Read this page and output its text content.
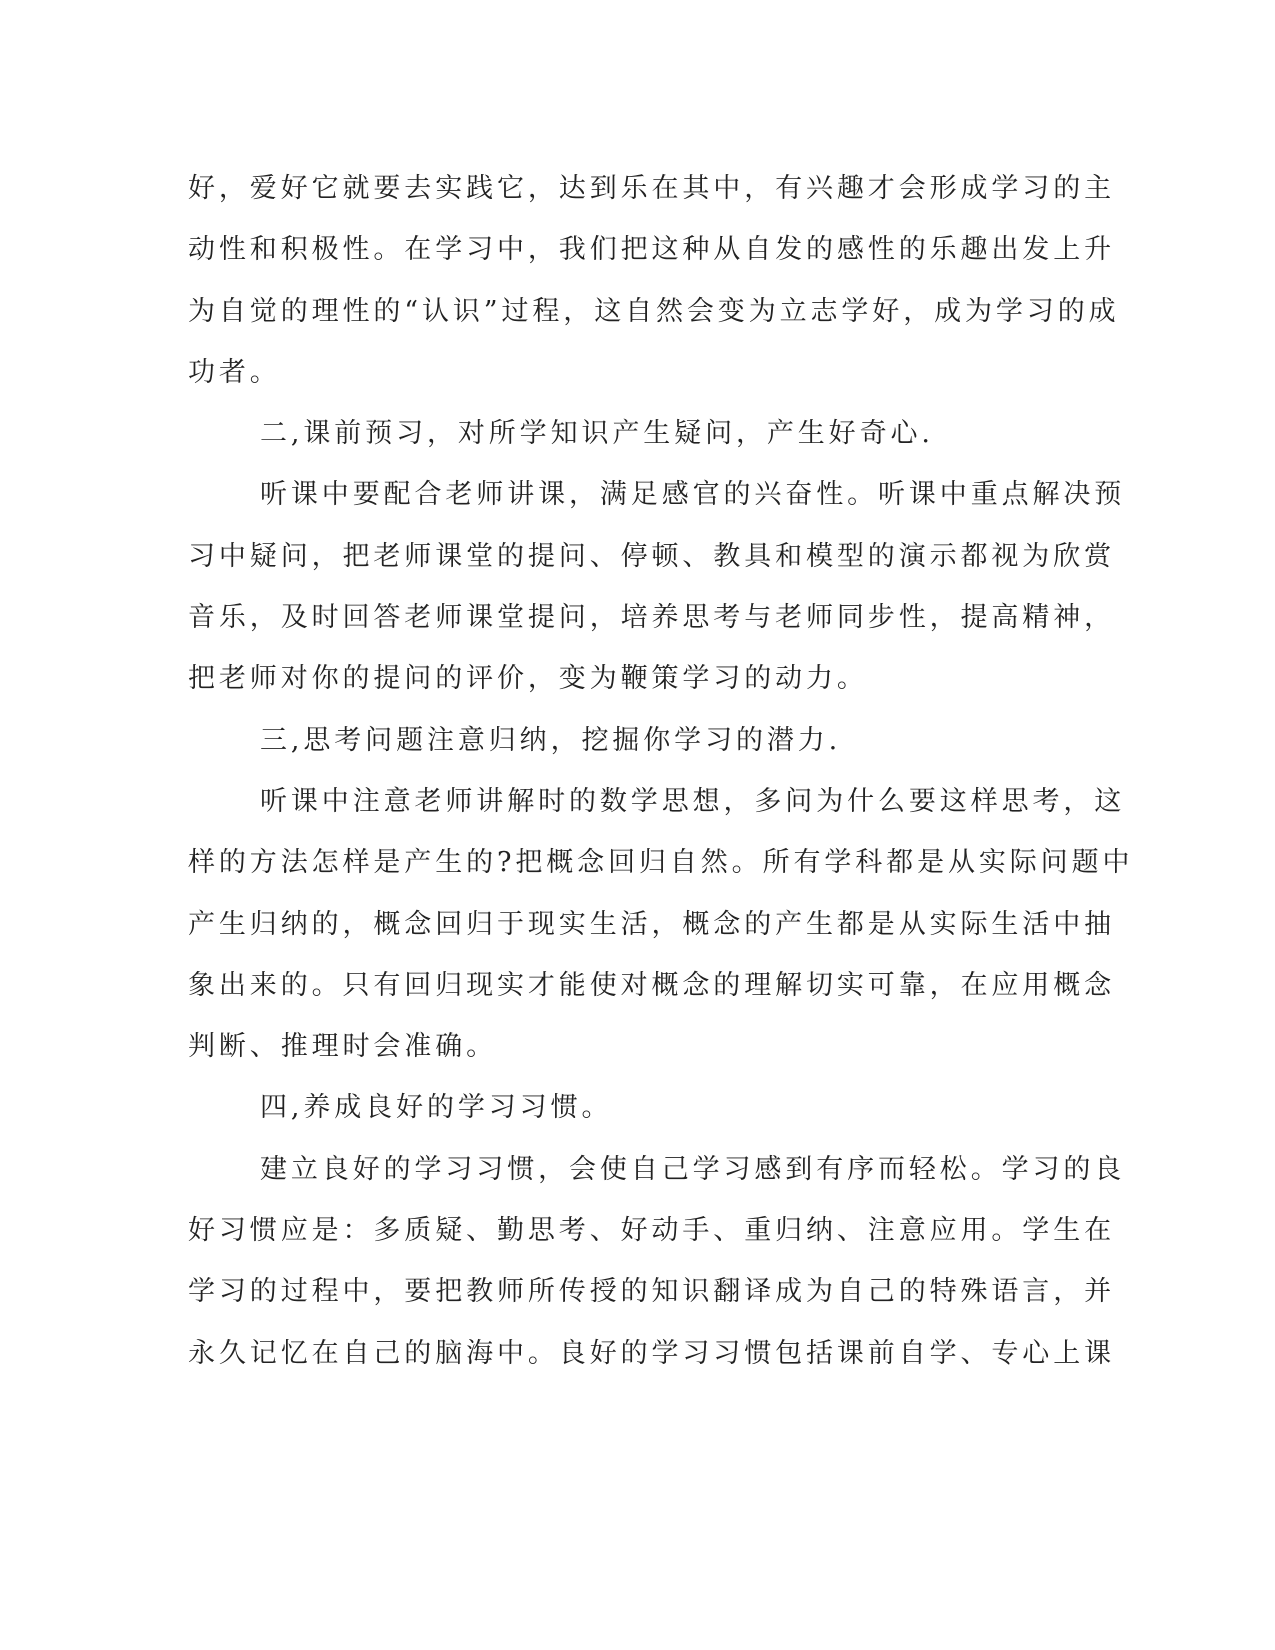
好，爱好它就要去实践它，达到乐在其中，有兴趣才会形成学习的主
动性和积极性。在学习中，我们把这种从自发的感性的乐趣出发上升
为自觉的理性的“认识”过程，这自然会变为立志学好，成为学习的成
功者。
二,课前预习，对所学知识产生疑问，产生好奇心.
听课中要配合老师讲课，满足感官的兴奋性。听课中重点解决预
习中疑问，把老师课堂的提问、停顿、教具和模型的演示都视为欣赏
音乐，及时回答老师课堂提问，培养思考与老师同步性，提高精神，
把老师对你的提问的评价，变为鞭策学习的动力。
三,思考问题注意归纳，挖掘你学习的潜力.
听课中注意老师讲解时的数学思想，多问为什么要这样思考，这
样的方法怎样是产生的?把概念回归自然。所有学科都是从实际问题中
产生归纳的，概念回归于现实生活，概念的产生都是从实际生活中抽
象出来的。只有回归现实才能使对概念的理解切实可靠，在应用概念
判断、推理时会准确。
四,养成良好的学习习惯。
建立良好的学习习惯，会使自己学习感到有序而轻松。学习的良
好习惯应是：多质疑、勤思考、好动手、重归纳、注意应用。学生在
学习的过程中，要把教师所传授的知识翻译成为自己的特殊语言，并
永久记忆在自己的脑海中。良好的学习习惯包括课前自学、专心上课
